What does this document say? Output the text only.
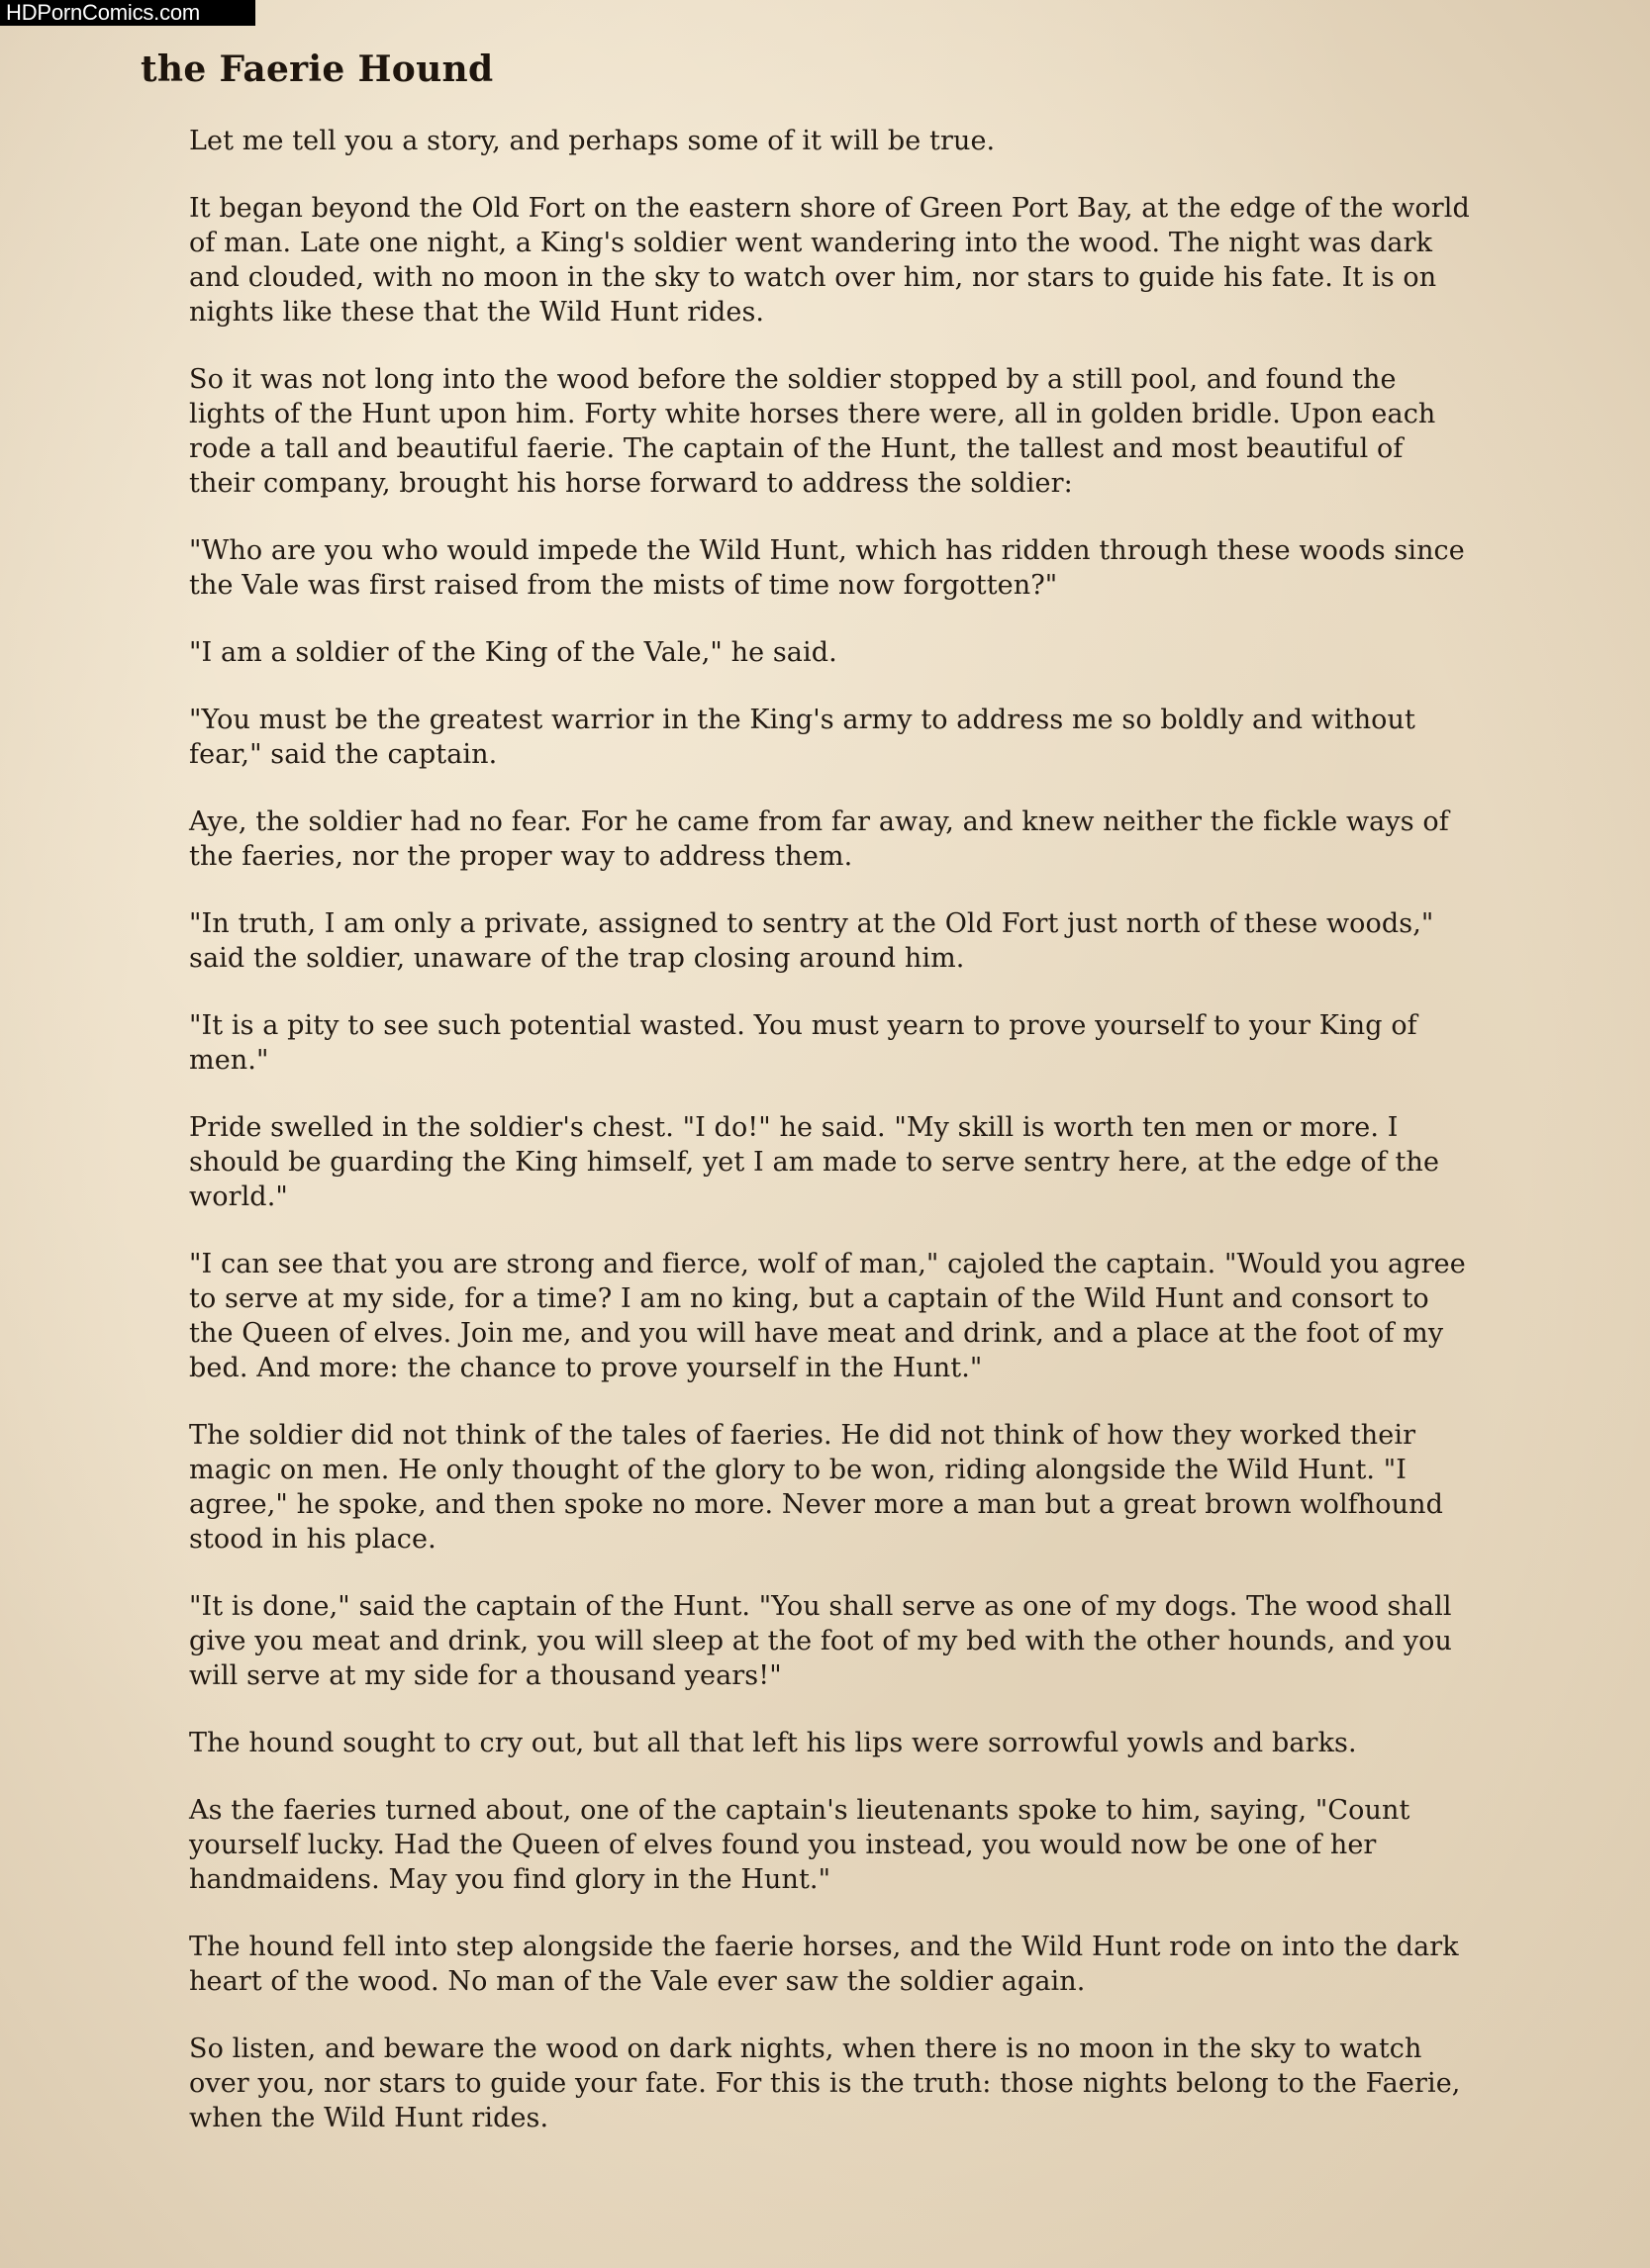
HDPornComics.com
the Faerie Hound

Let me tell you a story, and perhaps some of it will be true.

It began beyond the Old Fort on the eastern shore of Green Port Bay, at the edge of the world of man. Late one night, a King's soldier went wandering into the wood. The night was dark and clouded, with no moon in the sky to watch over him, nor stars to guide his fate. It is on nights like these that the Wild Hunt rides.

So it was not long into the wood before the soldier stopped by a still pool, and found the lights of the Hunt upon him. Forty white horses there were, all in golden bridle. Upon each rode a tall and beautiful faerie. The captain of the Hunt, the tallest and most beautiful of their company, brought his horse forward to address the soldier:

"Who are you who would impede the Wild Hunt, which has ridden through these woods since the Vale was first raised from the mists of time now forgotten?"

"I am a soldier of the King of the Vale," he said.

"You must be the greatest warrior in the King's army to address me so boldly and without fear," said the captain.

Aye, the soldier had no fear. For he came from far away, and knew neither the fickle ways of the faeries, nor the proper way to address them.

"In truth, I am only a private, assigned to sentry at the Old Fort just north of these woods," said the soldier, unaware of the trap closing around him.

"It is a pity to see such potential wasted. You must yearn to prove yourself to your King of men."

Pride swelled in the soldier's chest. "I do!" he said. "My skill is worth ten men or more. I should be guarding the King himself, yet I am made to serve sentry here, at the edge of the world."

"I can see that you are strong and fierce, wolf of man," cajoled the captain. "Would you agree to serve at my side, for a time? I am no king, but a captain of the Wild Hunt and consort to the Queen of elves. Join me, and you will have meat and drink, and a place at the foot of my bed. And more: the chance to prove yourself in the Hunt."

The soldier did not think of the tales of faeries. He did not think of how they worked their magic on men. He only thought of the glory to be won, riding alongside the Wild Hunt. "I agree," he spoke, and then spoke no more. Never more a man but a great brown wolfhound stood in his place.

"It is done," said the captain of the Hunt. "You shall serve as one of my dogs. The wood shall give you meat and drink, you will sleep at the foot of my bed with the other hounds, and you will serve at my side for a thousand years!"

The hound sought to cry out, but all that left his lips were sorrowful yowls and barks.

As the faeries turned about, one of the captain's lieutenants spoke to him, saying, "Count yourself lucky. Had the Queen of elves found you instead, you would now be one of her handmaidens. May you find glory in the Hunt."

The hound fell into step alongside the faerie horses, and the Wild Hunt rode on into the dark heart of the wood. No man of the Vale ever saw the soldier again.

So listen, and beware the wood on dark nights, when there is no moon in the sky to watch over you, nor stars to guide your fate. For this is the truth: those nights belong to the Faerie, when the Wild Hunt rides.
